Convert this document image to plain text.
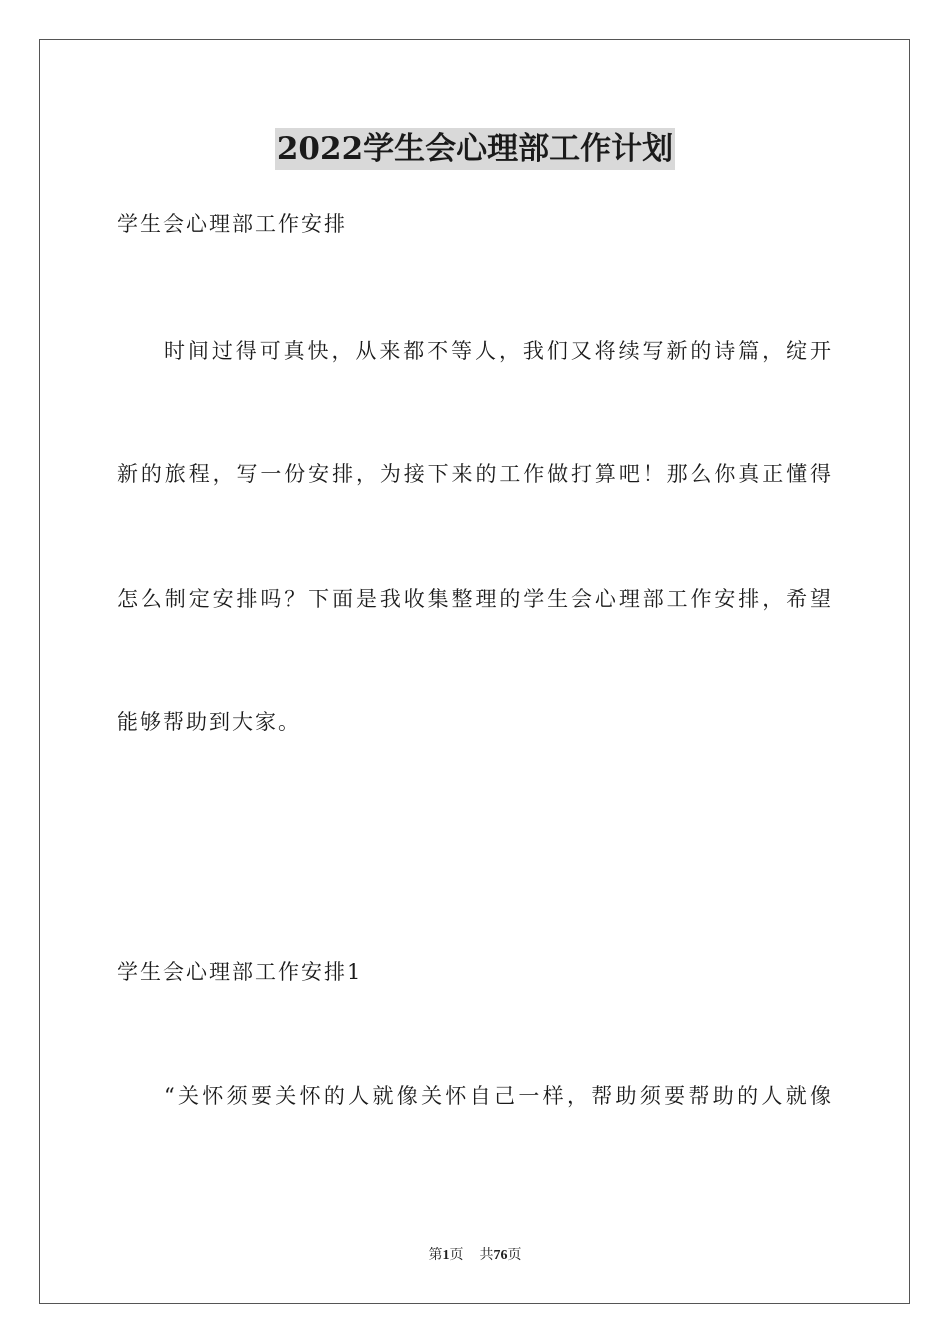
2022学生会心理部工作计划
学生会心理部工作安排
时间过得可真快，从来都不等人，我们又将续写新的诗篇，绽开
新的旅程，写一份安排，为接下来的工作做打算吧！那么你真正懂得
怎么制定安排吗？下面是我收集整理的学生会心理部工作安排，希望
能够帮助到大家。
学生会心理部工作安排1
“关怀须要关怀的人就像关怀自己一样，帮助须要帮助的人就像
第1页 共76页
